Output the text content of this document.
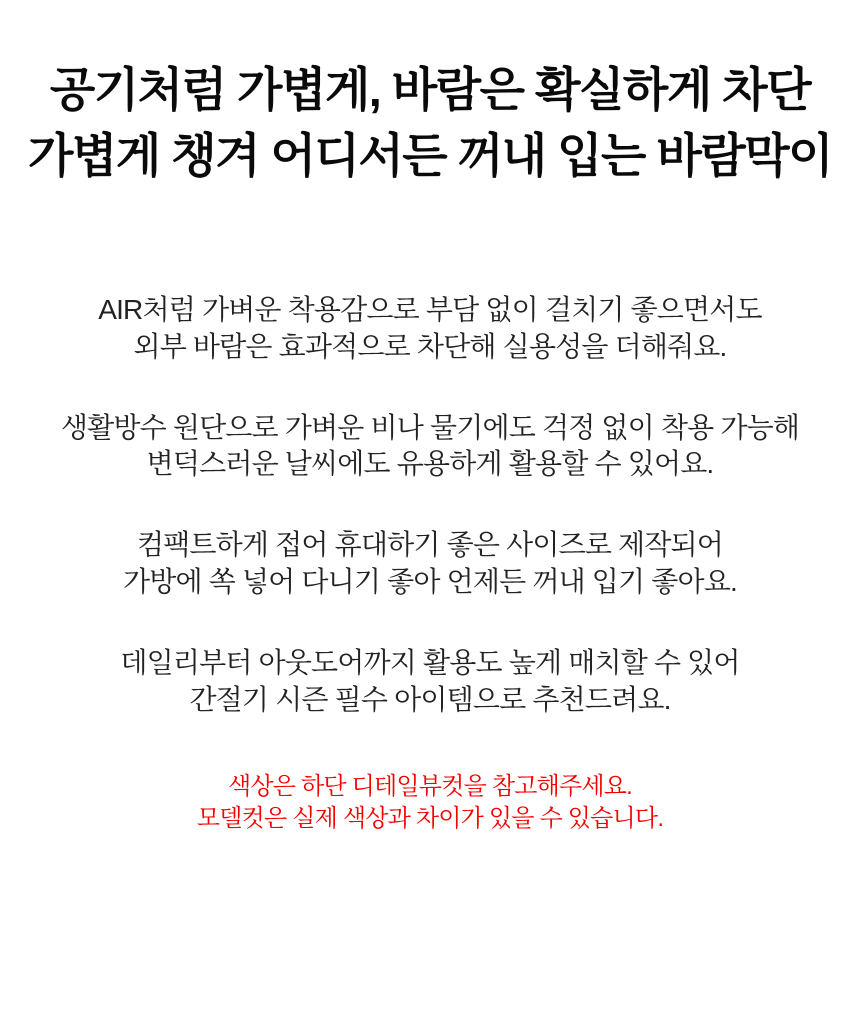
공기처럼 가볍게, 바람은 확실하게 차단
가볍게 챙겨 어디서든 꺼내 입는 바람막이

AIR처럼 가벼운 착용감으로 부담 없이 걸치기 좋으면서도
외부 바람은 효과적으로 차단해 실용성을 더해줘요.

생활방수 원단으로 가벼운 비나 물기에도 걱정 없이 착용 가능해
변덕스러운 날씨에도 유용하게 활용할 수 있어요.

컴팩트하게 접어 휴대하기 좋은 사이즈로 제작되어
가방에 쏙 넣어 다니기 좋아 언제든 꺼내 입기 좋아요.

데일리부터 아웃도어까지 활용도 높게 매치할 수 있어
간절기 시즌 필수 아이템으로 추천드려요.

색상은 하단 디테일뷰컷을 참고해주세요.
모델컷은 실제 색상과 차이가 있을 수 있습니다.
